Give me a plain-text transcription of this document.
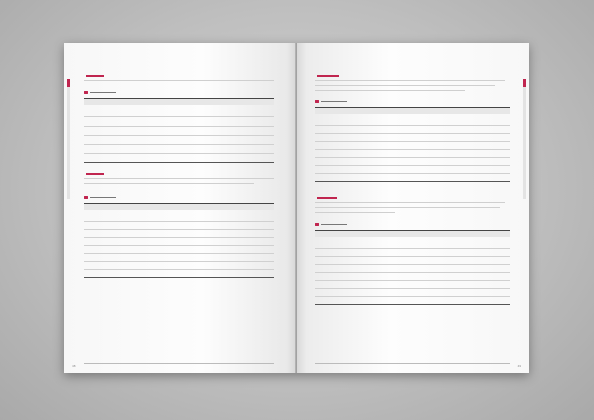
48

	49
